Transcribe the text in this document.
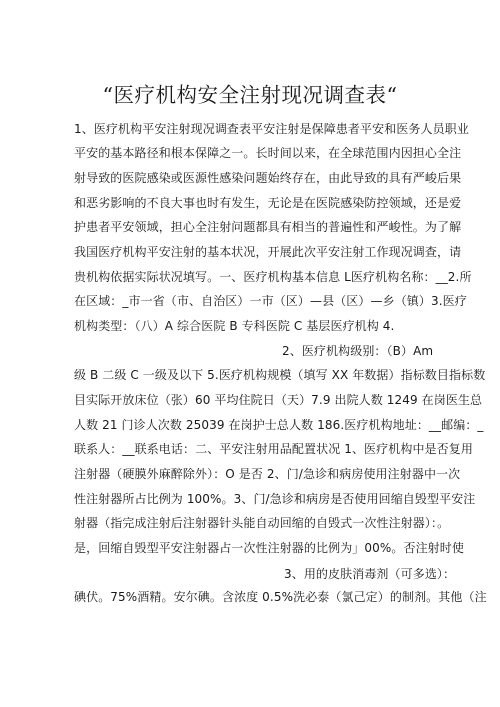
“医疗机构安全注射现况调查表“
1、医疗机构平安注射现况调查表平安注射是保障患者平安和医务人员职业
平安的基本路径和根本保障之一。长时间以来，在全球范围内因担心全注
射导致的医院感染或医源性感染问题始终存在，由此导致的具有严峻后果
和恶劣影响的不良大事也时有发生，无论是在医院感染防控领域，还是爱
护患者平安领域，担心全注射问题都具有相当的普遍性和严峻性。为了解
我国医疗机构平安注射的基本状况，开展此次平安注射工作现况调查，请
贵机构依据实际状况填写。一、医疗机构基本信息 L医疗机构名称：__2.所
在区域：_市一省（市、自治区）一市（区）—县（区）—乡（镇）3.医疗
机构类型：（八）A 综合医院 B 专科医院 C 基层医疗机构 4.
2、医疗机构级别：（B）Am
级 B 二级 C 一级及以下 5.医疗机构规模（填写 XX 年数据）指标数目指标数
目实际开放床位（张）60 平均住院日（天）7.9 出院人数 1249 在岗医生总
人数 21 门诊人次数 25039 在岗护士总人数 186.医疗机构地址：__邮编：_
联系人：__联系电话：二、平安注射用品配置状况 1、医疗机构中是否复用
注射器（硬膜外麻醉除外）：O 是否 2、门/急诊和病房使用注射器中一次
性注射器所占比例为 100%。3、门/急诊和病房是否使用回缩自毁型平安注
射器（指完成注射后注射器针头能自动回缩的自毁式一次性注射器）：。
是，回缩自毁型平安注射器占一次性注射器的比例为」00%。否注射时使
3、用的皮肤消毒剂（可多选）：
碘伏。75%酒精。安尔碘。含浓度 0.5%洗必泰（氯己定）的制剂。其他（注
